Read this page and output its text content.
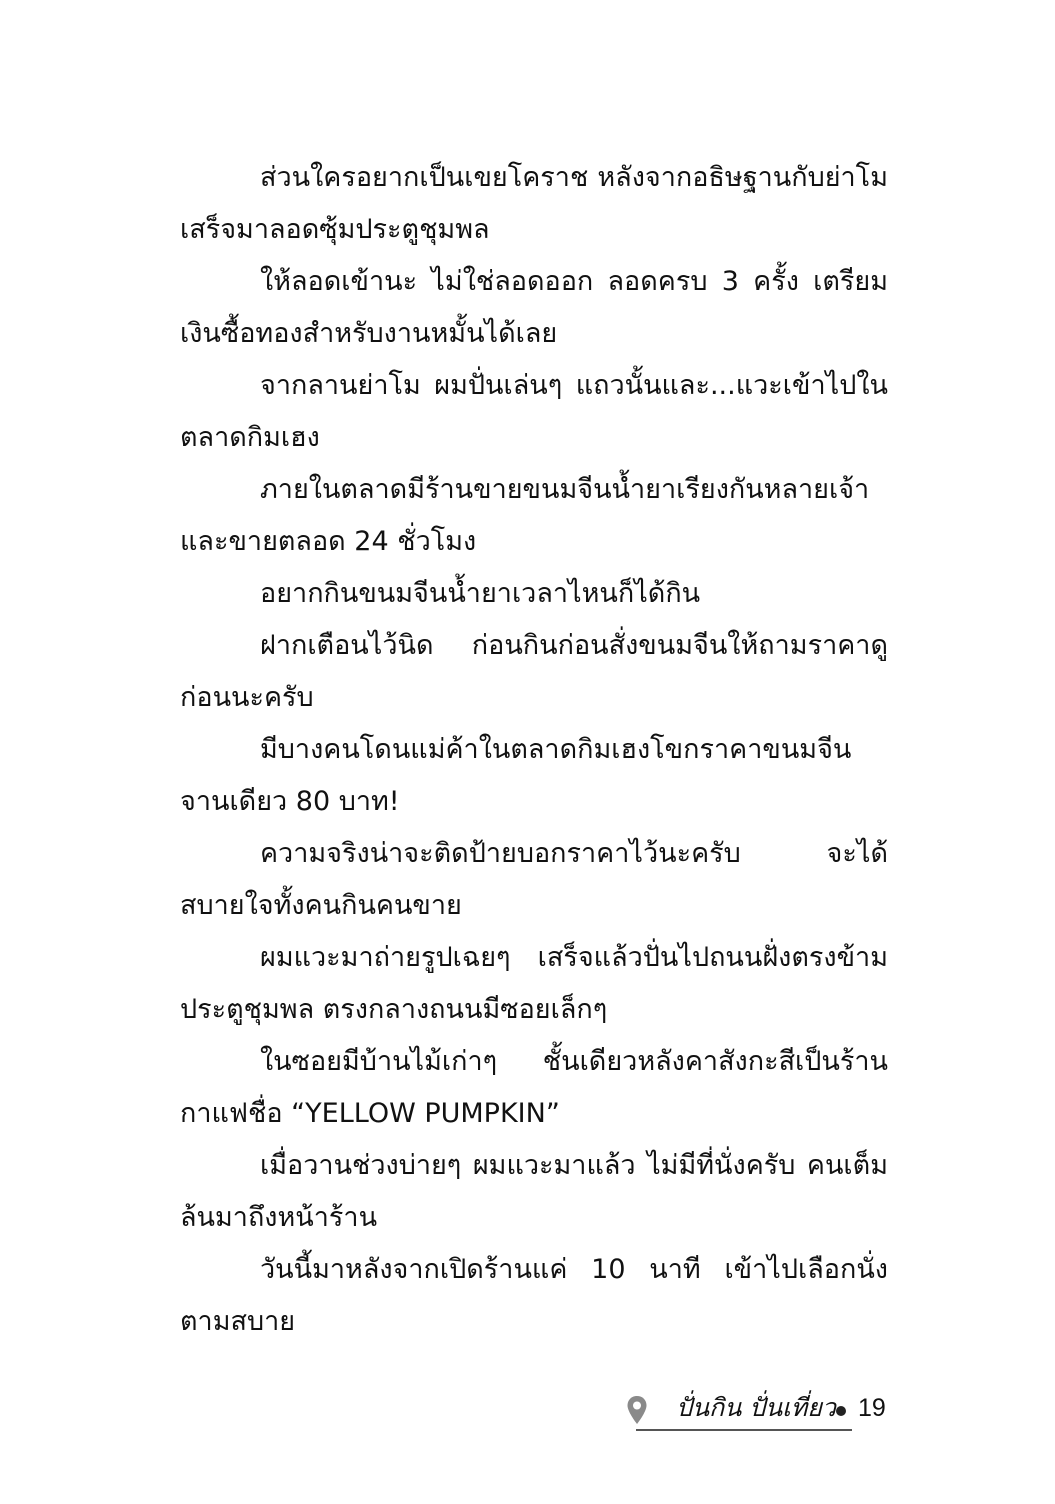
ส่วนใครอยากเป็นเขยโคราช หลังจากอธิษฐานกับย่าโมเสร็จมาลอดซุ้มประตูชุมพล

ให้ลอดเข้านะ ไม่ใช่ลอดออก ลอดครบ 3 ครั้ง เตรียมเงินซื้อทองสำหรับงานหมั้นได้เลย

จากลานย่าโม ผมปั่นเล่นๆ แถวนั้นและ...แวะเข้าไปในตลาดกิมเฮง

ภายในตลาดมีร้านขายขนมจีนน้ำยาเรียงกันหลายเจ้าและขายตลอด 24 ชั่วโมง

อยากกินขนมจีนน้ำยาเวลาไหนก็ได้กิน

ฝากเตือนไว้นิด ก่อนกินก่อนสั่งขนมจีนให้ถามราคาดูก่อนนะครับ

มีบางคนโดนแม่ค้าในตลาดกิมเฮงโขกราคาขนมจีนจานเดียว 80 บาท!

ความจริงน่าจะติดป้ายบอกราคาไว้นะครับ จะได้สบายใจทั้งคนกินคนขาย

ผมแวะมาถ่ายรูปเฉยๆ เสร็จแล้วปั่นไปถนนฝั่งตรงข้ามประตูชุมพล ตรงกลางถนนมีซอยเล็กๆ

ในซอยมีบ้านไม้เก่าๆ ชั้นเดียวหลังคาสังกะสีเป็นร้านกาแฟชื่อ “YELLOW PUMPKIN”

เมื่อวานช่วงบ่ายๆ ผมแวะมาแล้ว ไม่มีที่นั่งครับ คนเต็มล้นมาถึงหน้าร้าน

วันนี้มาหลังจากเปิดร้านแค่ 10 นาที เข้าไปเลือกนั่งตามสบาย

ปั่นกิน ปั่นเที่ยว 19
